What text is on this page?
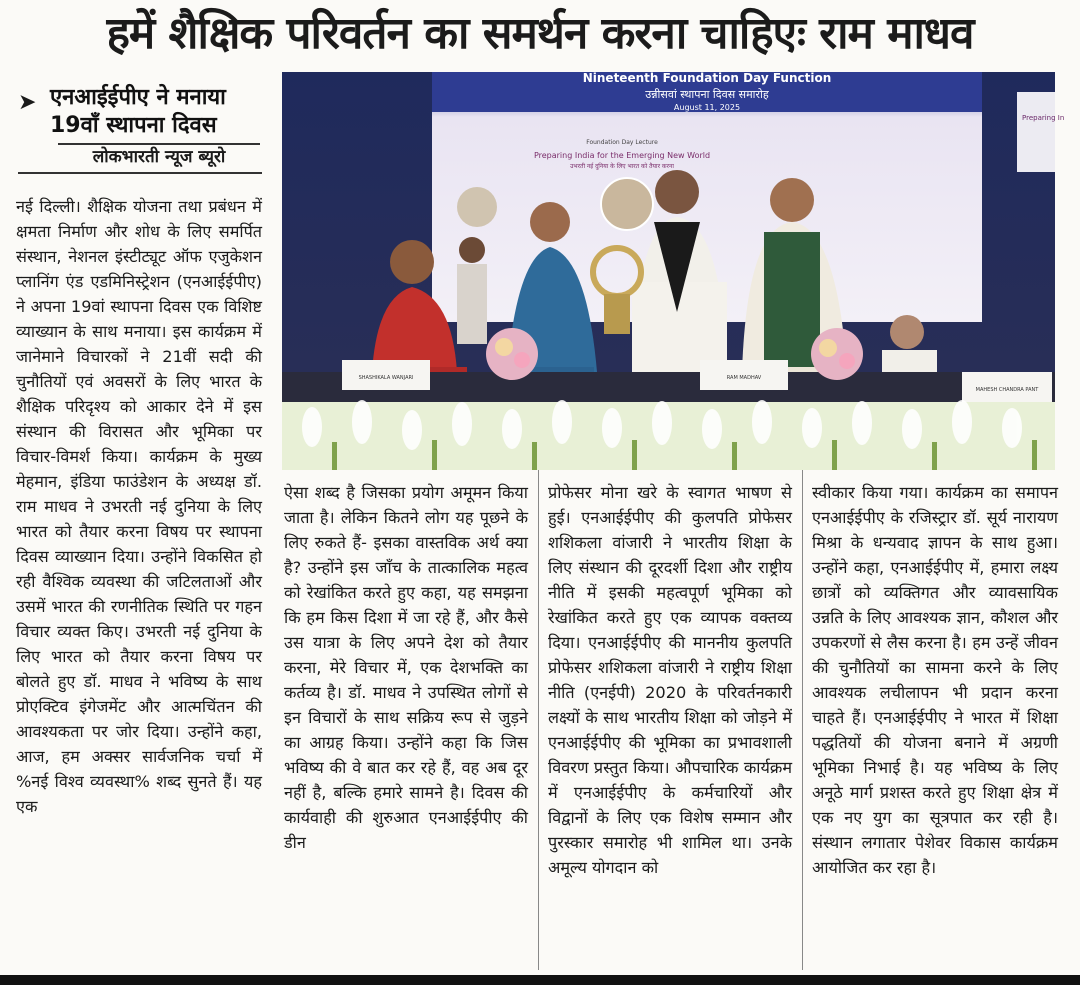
हमें शैक्षिक परिवर्तन का समर्थन करना चाहिएः राम माधव
➤ एनआईईपीए ने मनाया 19वाँ स्थापना दिवस
लोकभारती न्यूज ब्यूरो
Nineteenth Foundation Day Function
उन्नीसवां स्थापना दिवस समारोह
August 11, 2025
Foundation Day Lecture
Preparing India for the Emerging New World
उभरती नई दुनिया के लिए भारत को तैयार करना
Preparing In
SHASHIKALA WANJARI	RAM MADHAV
MAHESH CHANDRA PANT
नई दिल्ली। शैक्षिक योजना तथा प्रबंधन में क्षमता निर्माण और शोध के लिए समर्पित संस्थान, नेशनल इंस्टीट्यूट ऑफ एजुकेशन प्लानिंग एंड एडमिनिस्ट्रेशन (एनआईईपीए) ने अपना 19वां स्थापना दिवस एक विशिष्ट व्याख्यान के साथ मनाया। इस कार्यक्रम में जानेमाने विचारकों ने 21वीं सदी की चुनौतियों एवं अवसरों के लिए भारत के शैक्षिक परिदृश्य को आकार देने में इस संस्थान की विरासत और भूमिका पर विचार-विमर्श किया। कार्यक्रम के मुख्य मेहमान, इंडिया फाउंडेशन के अध्यक्ष डॉ. राम माधव ने उभरती नई दुनिया के लिए भारत को तैयार करना विषय पर स्थापना दिवस व्याख्यान दिया। उन्होंने विकसित हो रही वैश्विक व्यवस्था की जटिलताओं और उसमें भारत की रणनीतिक स्थिति पर गहन विचार व्यक्त किए। उभरती नई दुनिया के लिए भारत को तैयार करना विषय पर बोलते हुए डॉ. माधव ने भविष्य के साथ प्रोएक्टिव इंगेजमेंट और आत्मचिंतन की आवश्यकता पर जोर दिया। उन्होंने कहा, आज, हम अक्सर सार्वजनिक चर्चा में %नई विश्व व्यवस्था% शब्द सुनते हैं। यह एक
ऐसा शब्द है जिसका प्रयोग अमूमन किया जाता है। लेकिन कितने लोग यह पूछने के लिए रुकते हैं- इसका वास्तविक अर्थ क्या है? उन्होंने इस जाँच के तात्कालिक महत्व को रेखांकित करते हुए कहा, यह समझना कि हम किस दिशा में जा रहे हैं, और कैसे उस यात्रा के लिए अपने देश को तैयार करना, मेरे विचार में, एक देशभक्ति का कर्तव्य है। डॉ. माधव ने उपस्थित लोगों से इन विचारों के साथ सक्रिय रूप से जुड़ने का आग्रह किया। उन्होंने कहा कि जिस भविष्य की वे बात कर रहे हैं, वह अब दूर नहीं है, बल्कि हमारे सामने है। दिवस की कार्यवाही की शुरुआत एनआईईपीए की डीन
प्रोफेसर मोना खरे के स्वागत भाषण से हुई। एनआईईपीए की कुलपति प्रोफेसर शशिकला वांजारी ने भारतीय शिक्षा के लिए संस्थान की दूरदर्शी दिशा और राष्ट्रीय नीति में इसकी महत्वपूर्ण भूमिका को रेखांकित करते हुए एक व्यापक वक्तव्य दिया। एनआईईपीए की माननीय कुलपति प्रोफेसर शशिकला वांजारी ने राष्ट्रीय शिक्षा नीति (एनईपी) 2020 के परिवर्तनकारी लक्ष्यों के साथ भारतीय शिक्षा को जोड़ने में एनआईईपीए की भूमिका का प्रभावशाली विवरण प्रस्तुत किया। औपचारिक कार्यक्रम में एनआईईपीए के कर्मचारियों और विद्वानों के लिए एक विशेष सम्मान और पुरस्कार समारोह भी शामिल था। उनके अमूल्य योगदान को
स्वीकार किया गया। कार्यक्रम का समापन एनआईईपीए के रजिस्ट्रार डॉ. सूर्य नारायण मिश्रा के धन्यवाद ज्ञापन के साथ हुआ। उन्होंने कहा, एनआईईपीए में, हमारा लक्ष्य छात्रों को व्यक्तिगत और व्यावसायिक उन्नति के लिए आवश्यक ज्ञान, कौशल और उपकरणों से लैस करना है। हम उन्हें जीवन की चुनौतियों का सामना करने के लिए आवश्यक लचीलापन भी प्रदान करना चाहते हैं। एनआईईपीए ने भारत में शिक्षा पद्धतियों की योजना बनाने में अग्रणी भूमिका निभाई है। यह भविष्य के लिए अनूठे मार्ग प्रशस्त करते हुए शिक्षा क्षेत्र में एक नए युग का सूत्रपात कर रही है। संस्थान लगातार पेशेवर विकास कार्यक्रम आयोजित कर रहा है।
